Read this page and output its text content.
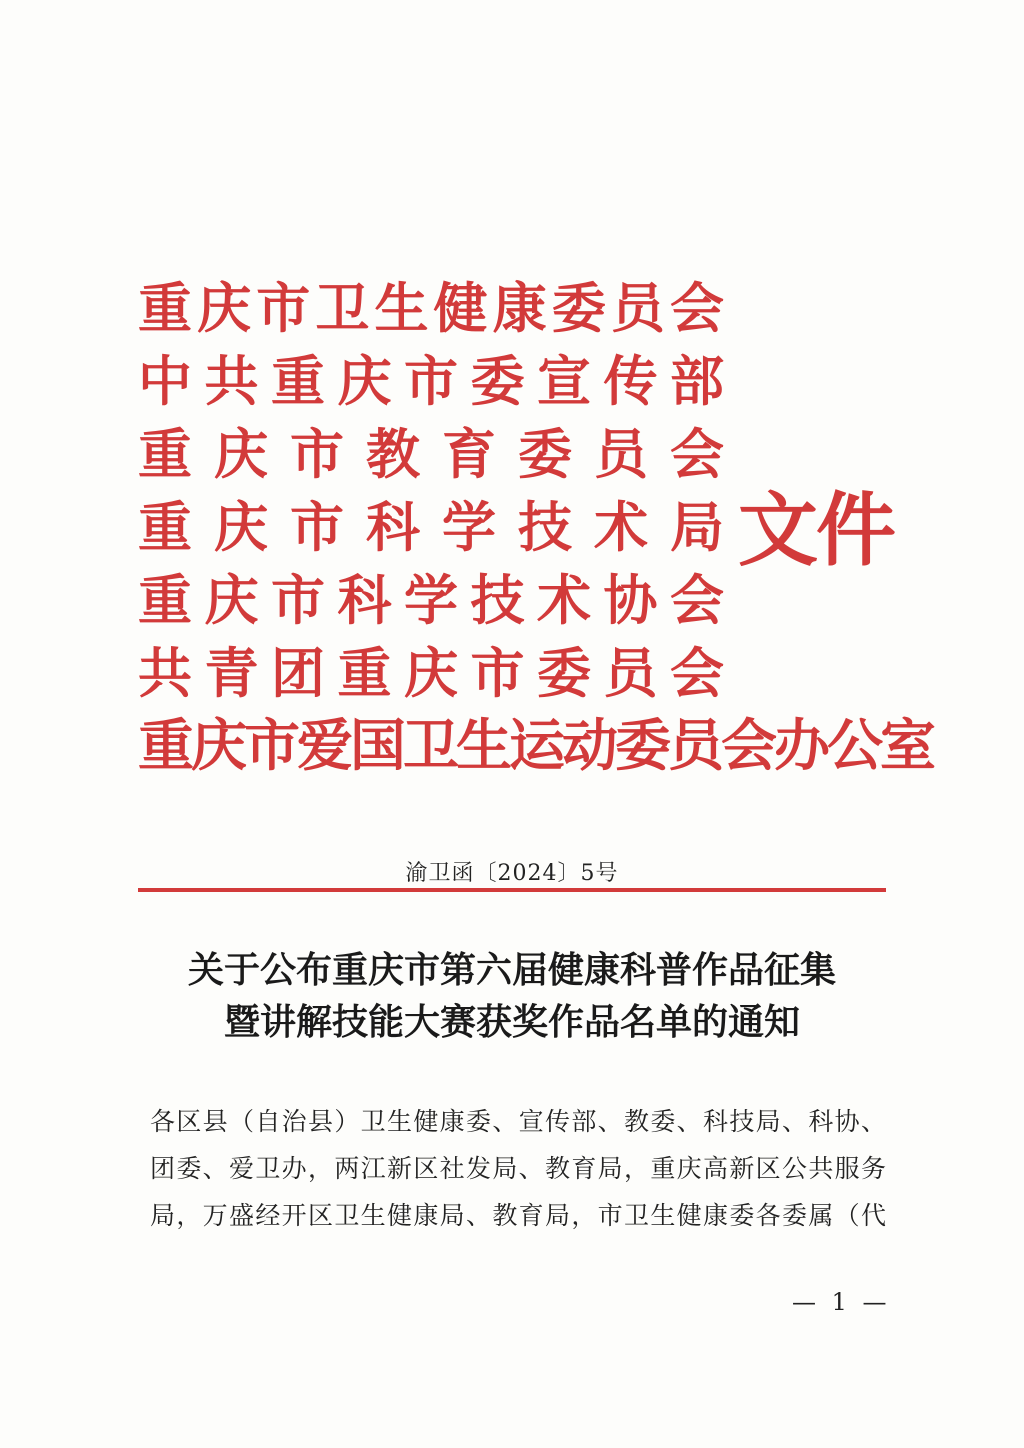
重庆市卫生健康委员会
中共重庆市委宣传部
重庆市教育委员会
重庆市科学技术局
重庆市科学技术协会
共青团重庆市委员会
重庆市爱国卫生运动委员会办公室
文件
渝卫函〔2024〕5号
关于公布重庆市第六届健康科普作品征集
暨讲解技能大赛获奖作品名单的通知
各区县（自治县）卫生健康委、宣传部、教委、科技局、科协、
团委、爱卫办，两江新区社发局、教育局，重庆高新区公共服务
局，万盛经开区卫生健康局、教育局，市卫生健康委各委属（代
— 1 —
